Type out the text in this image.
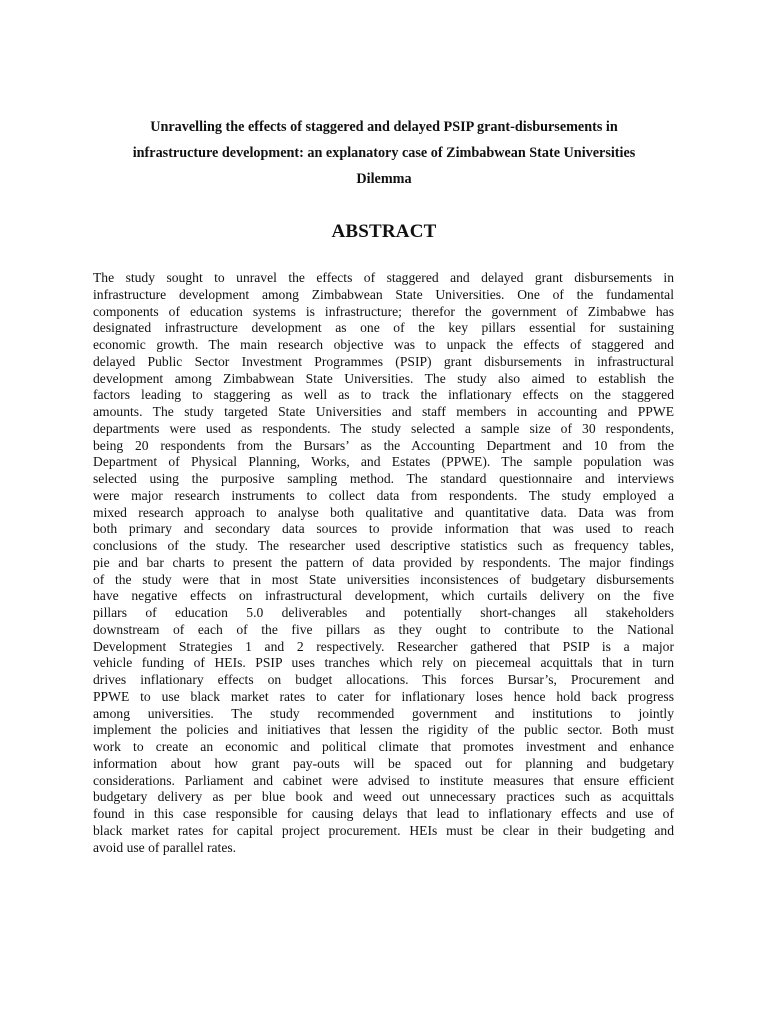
Unravelling the effects of staggered and delayed PSIP grant-disbursements in
infrastructure development: an explanatory case of Zimbabwean State Universities
Dilemma
ABSTRACT
The study sought to unravel the effects of staggered and delayed grant disbursements in
infrastructure development among Zimbabwean State Universities. One of the fundamental
components of education systems is infrastructure; therefor the government of Zimbabwe has
designated infrastructure development as one of the key pillars essential for sustaining
economic growth. The main research objective was to unpack the effects of staggered and
delayed Public Sector Investment Programmes (PSIP) grant disbursements in infrastructural
development among Zimbabwean State Universities. The study also aimed to establish the
factors leading to staggering as well as to track the inflationary effects on the staggered
amounts. The study targeted State Universities and staff members in accounting and PPWE
departments were used as respondents. The study selected a sample size of 30 respondents,
being 20 respondents from the Bursars’ as the Accounting Department and 10 from the
Department of Physical Planning, Works, and Estates (PPWE). The sample population was
selected using the purposive sampling method. The standard questionnaire and interviews
were major research instruments to collect data from respondents. The study employed a
mixed research approach to analyse both qualitative and quantitative data. Data was from
both primary and secondary data sources to provide information that was used to reach
conclusions of the study. The researcher used descriptive statistics such as frequency tables,
pie and bar charts to present the pattern of data provided by respondents. The major findings
of the study were that in most State universities inconsistences of budgetary disbursements
have negative effects on infrastructural development, which curtails delivery on the five
pillars of education 5.0 deliverables and potentially short-changes all stakeholders
downstream of each of the five pillars as they ought to contribute to the National
Development Strategies 1 and 2 respectively. Researcher gathered that PSIP is a major
vehicle funding of HEIs. PSIP uses tranches which rely on piecemeal acquittals that in turn
drives inflationary effects on budget allocations. This forces Bursar’s, Procurement and
PPWE to use black market rates to cater for inflationary loses hence hold back progress
among universities. The study recommended government and institutions to jointly
implement the policies and initiatives that lessen the rigidity of the public sector. Both must
work to create an economic and political climate that promotes investment and enhance
information about how grant pay-outs will be spaced out for planning and budgetary
considerations. Parliament and cabinet were advised to institute measures that ensure efficient
budgetary delivery as per blue book and weed out unnecessary practices such as acquittals
found in this case responsible for causing delays that lead to inflationary effects and use of
black market rates for capital project procurement. HEIs must be clear in their budgeting and
avoid use of parallel rates.
